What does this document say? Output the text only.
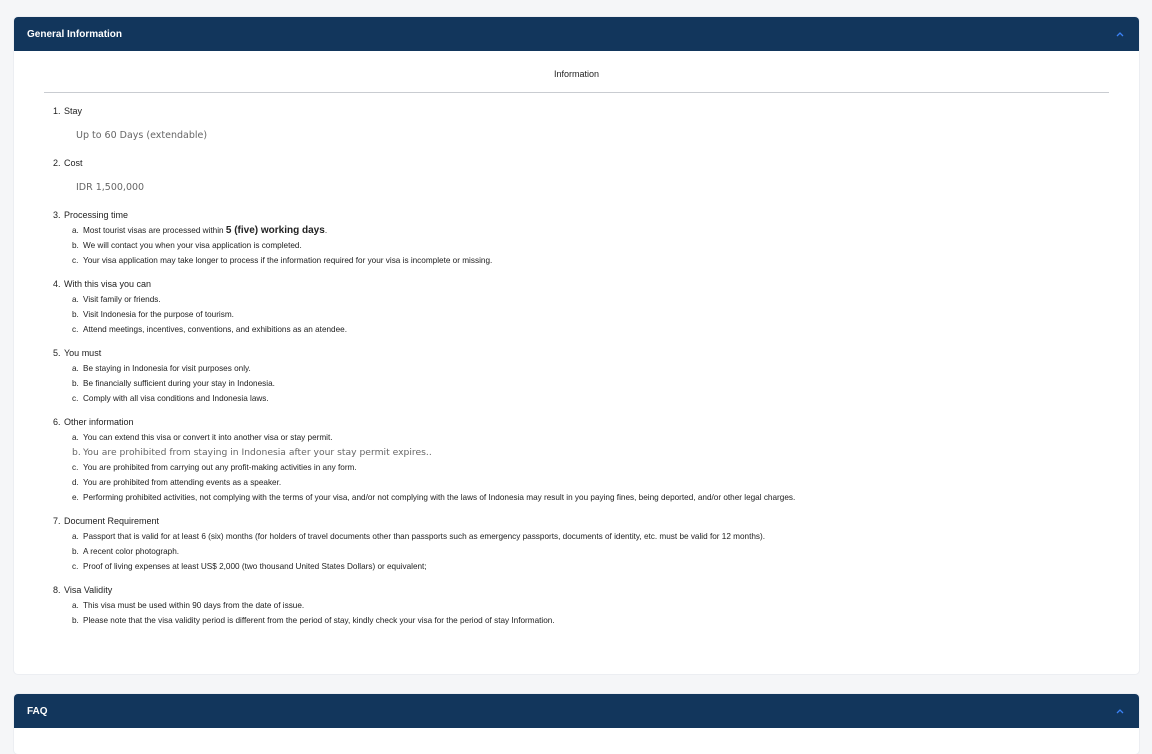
General Information
Information
1. Stay
Up to 60 Days (extendable)
2. Cost
IDR 1,500,000
3. Processing time
a. Most tourist visas are processed within 5 (five) working days.
b. We will contact you when your visa application is completed.
c. Your visa application may take longer to process if the information required for your visa is incomplete or missing.
4. With this visa you can
a. Visit family or friends.
b. Visit Indonesia for the purpose of tourism.
c. Attend meetings, incentives, conventions, and exhibitions as an atendee.
5. You must
a. Be staying in Indonesia for visit purposes only.
b. Be financially sufficient during your stay in Indonesia.
c. Comply with all visa conditions and Indonesia laws.
6. Other information
a. You can extend this visa or convert it into another visa or stay permit.
b. You are prohibited from staying in Indonesia after your stay permit expires..
c. You are prohibited from carrying out any profit-making activities in any form.
d. You are prohibited from attending events as a speaker.
e. Performing prohibited activities, not complying with the terms of your visa, and/or not complying with the laws of Indonesia may result in you paying fines, being deported, and/or other legal charges.
7. Document Requirement
a. Passport that is valid for at least 6 (six) months (for holders of travel documents other than passports such as emergency passports, documents of identity, etc. must be valid for 12 months).
b. A recent color photograph.
c. Proof of living expenses at least US$ 2,000 (two thousand United States Dollars) or equivalent;
8. Visa Validity
a. This visa must be used within 90 days from the date of issue.
b. Please note that the visa validity period is different from the period of stay, kindly check your visa for the period of stay Information.
FAQ
